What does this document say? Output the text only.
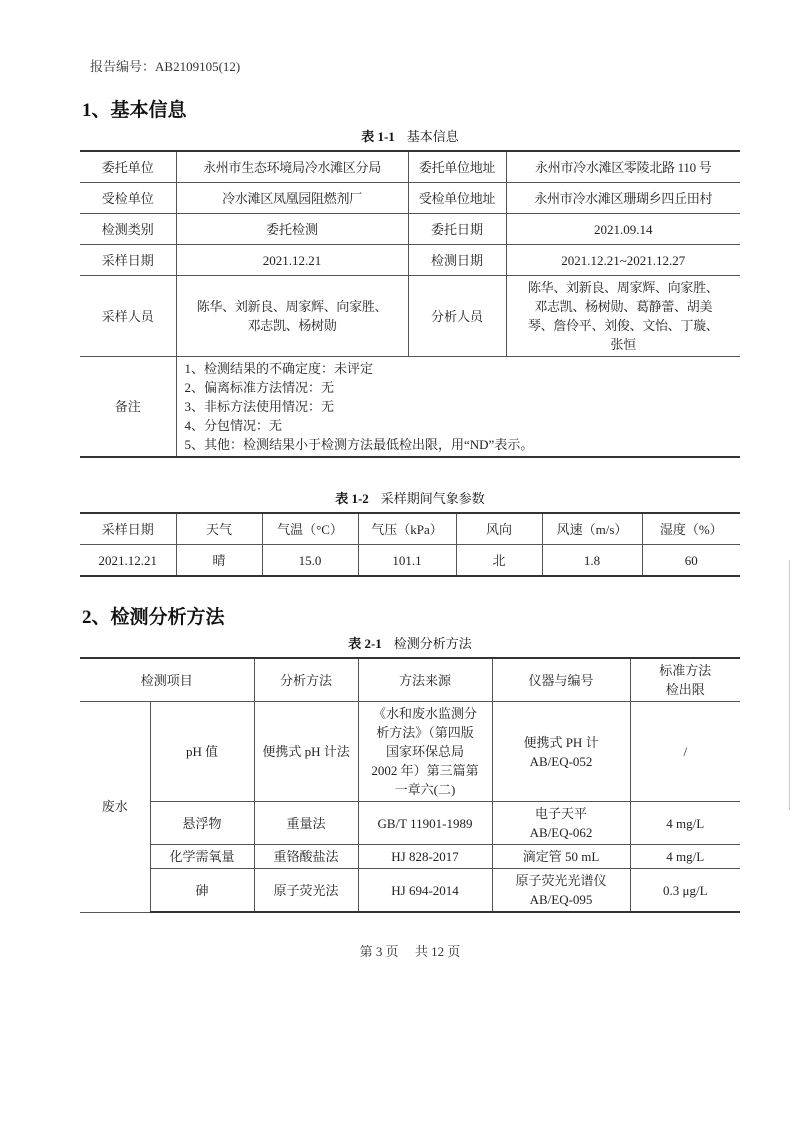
报告编号：AB2109105(12)
1、基本信息
表 1-1 基本信息
委托单位	永州市生态环境局冷水滩区分局	委托单位地址	永州市冷水滩区零陵北路 110 号
受检单位	冷水滩区凤凰园阻燃剂厂	受检单位地址	永州市冷水滩区珊瑚乡四丘田村
检测类别	委托检测	委托日期	2021.09.14
采样日期	2021.12.21	检测日期	2021.12.21~2021.12.27
采样人员	陈华、刘新良、周家辉、向家胜、
邓志凯、杨树勋	分析人员	陈华、刘新良、周家辉、向家胜、
邓志凯、杨树勋、葛静蕾、胡美
琴、詹伶平、刘俊、文怡、丁璇、
张恒

备注	1、检测结果的不确定度：未评定
2、偏离标准方法情况：无
3、非标方法使用情况：无
4、分包情况：无
5、其他：检测结果小于检测方法最低检出限，用“ND”表示。		
表 1-2 采样期间气象参数
采样日期	天气	气温（°C）	气压（kPa）	风向	风速（m/s）	湿度（%）
2021.12.21	晴	15.0	101.1	北	1.8	60
2、检测分析方法
表 2-1 检测分析方法
检测项目		分析方法	方法来源	仪器与编号	标准方法
检出限

废水	pH 值	便携式 pH 计法	《水和废水监测分
析方法》（第四版
国家环保总局
2002 年）第三篇第
一章六(二)	便携式 PH 计
AB/EQ-052	/
	悬浮物	重量法	GB/T 11901-1989	电子天平
AB/EQ-062	4 mg/L
	化学需氧量	重铬酸盐法	HJ 828-2017	滴定管 50 mL	4 mg/L
	砷	原子荧光法	HJ 694-2014	原子荧光光谱仪
AB/EQ-095	0.3 μg/L
第 3 页 共 12 页
